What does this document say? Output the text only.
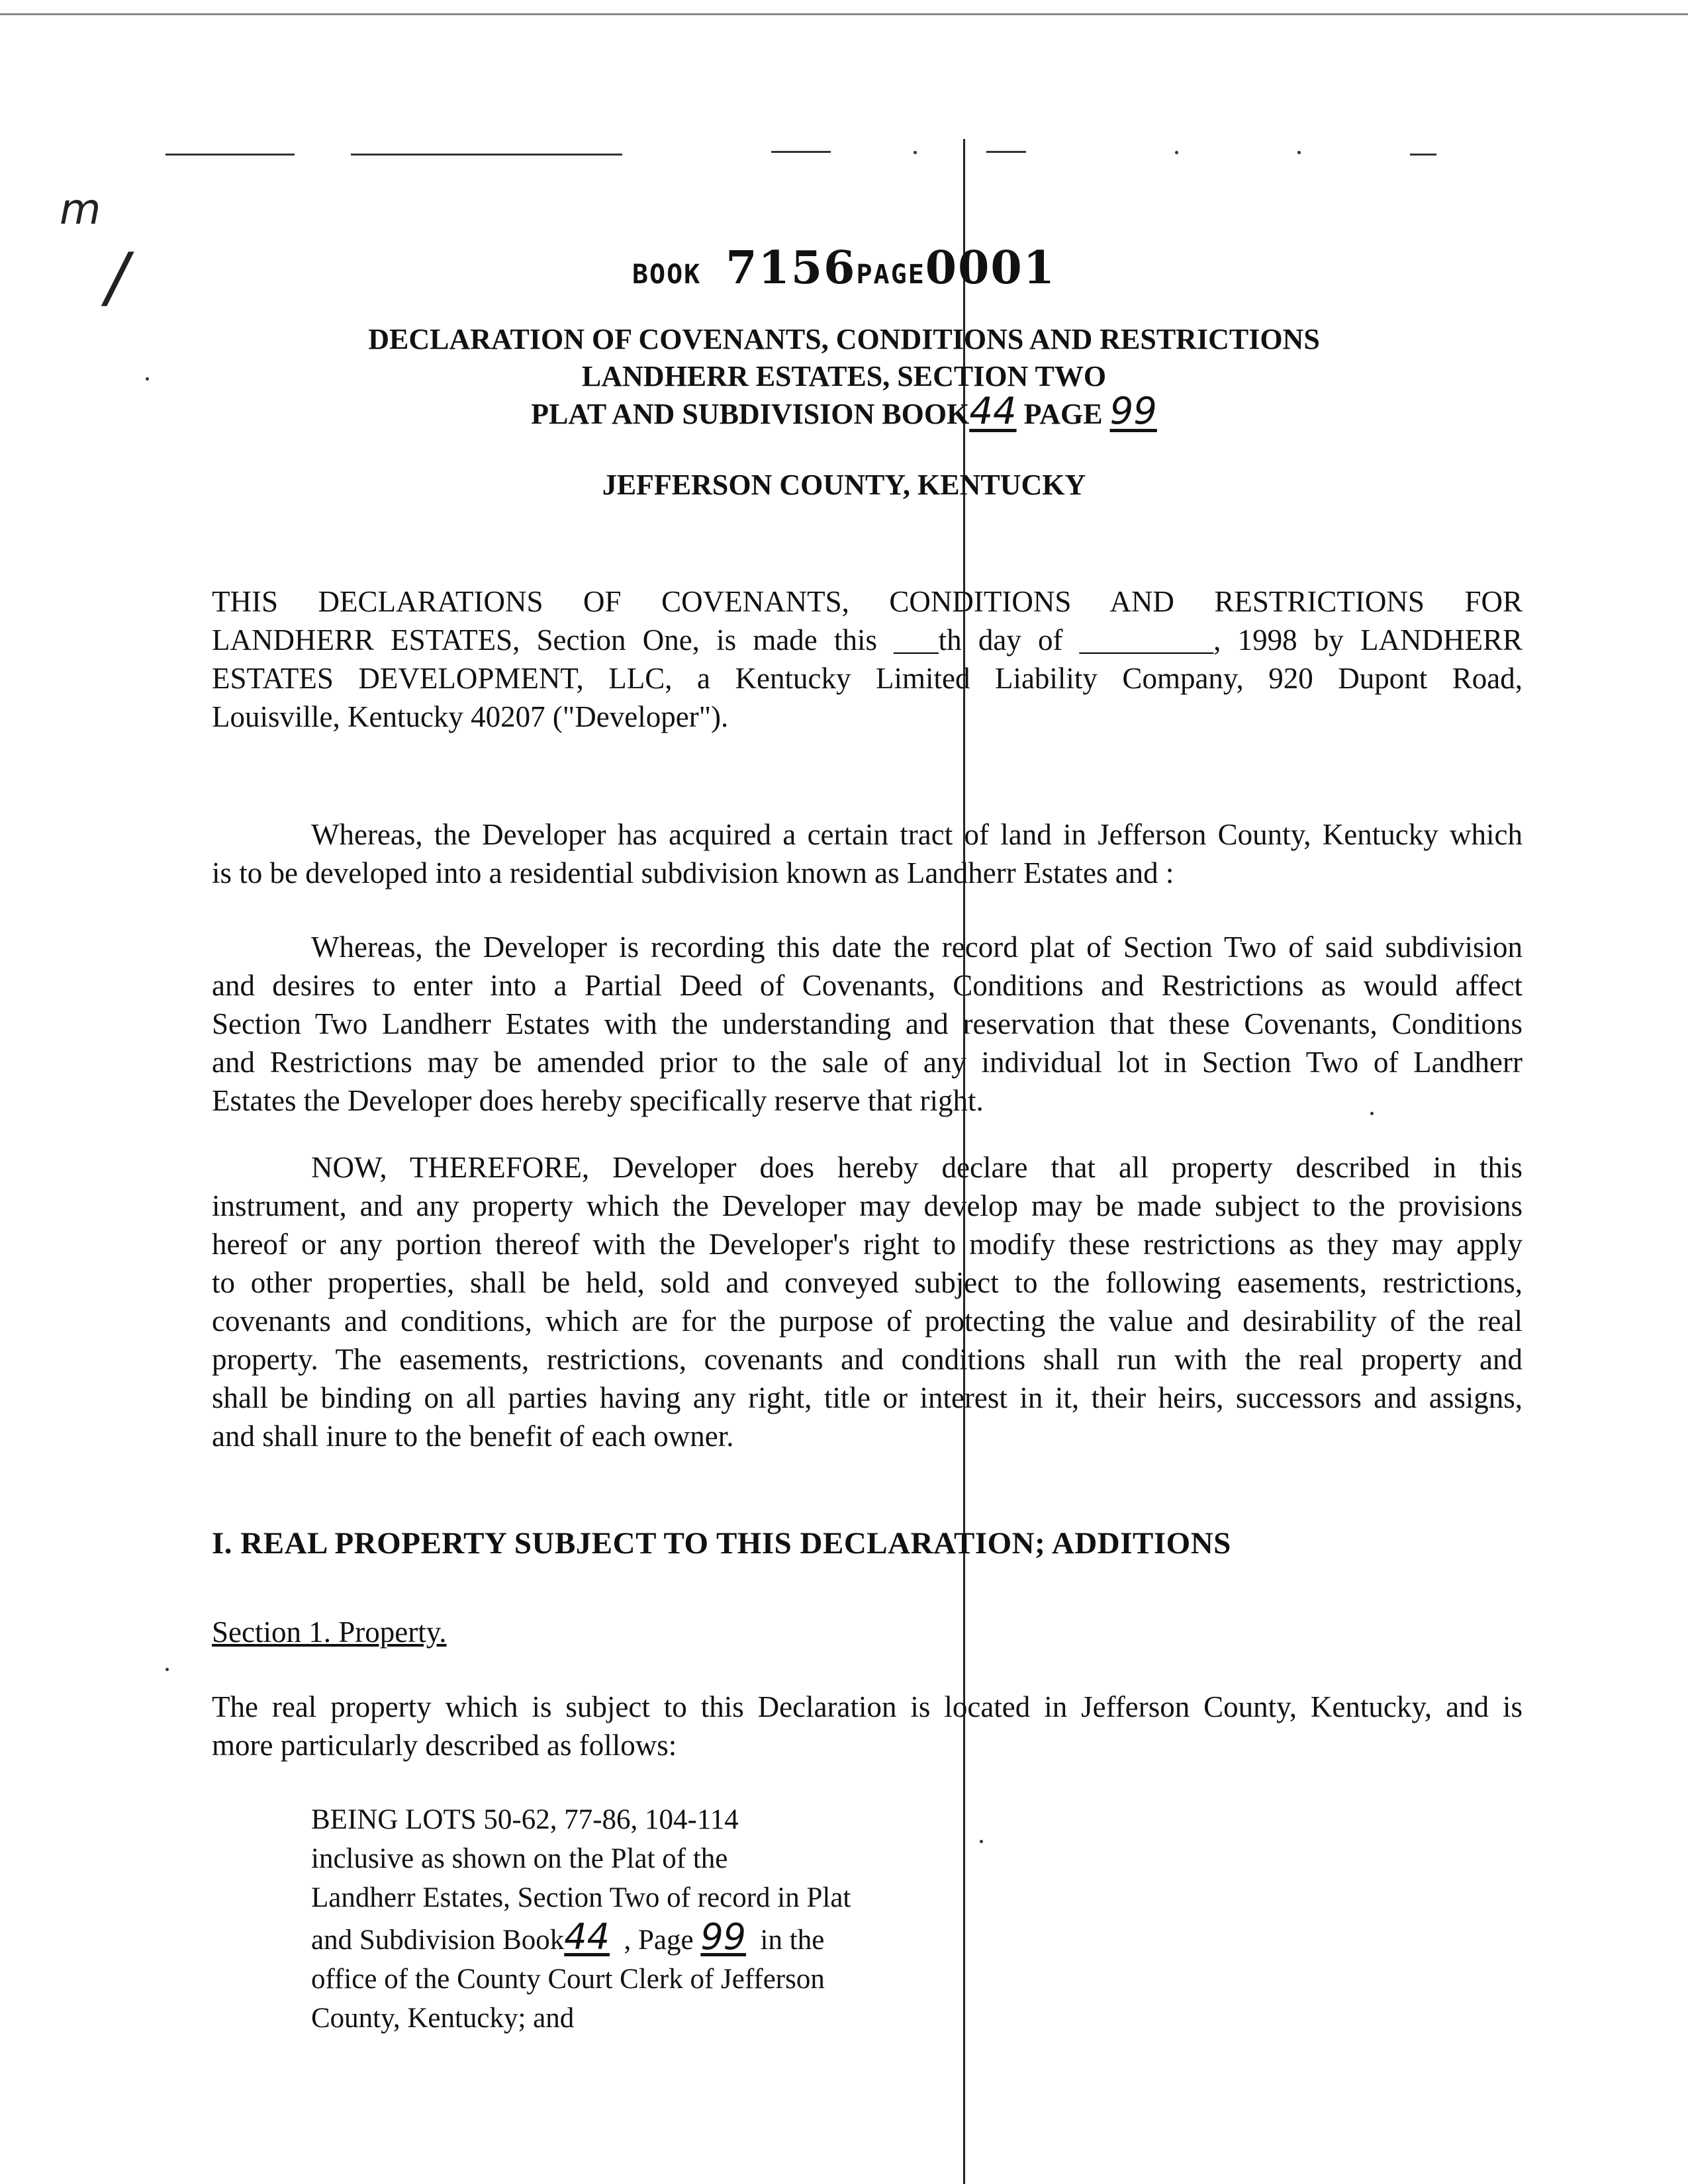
m
/	BOOK 7156PAGE0001
DECLARATION OF COVENANTS, CONDITIONS AND RESTRICTIONS
LANDHERR ESTATES, SECTION TWO
PLAT AND SUBDIVISION BOOK44 PAGE 99
JEFFERSON COUNTY, KENTUCKY
THIS DECLARATIONS OF COVENANTS, CONDITIONS AND RESTRICTIONS FOR
LANDHERR ESTATES, Section One, is made this ___th day of _________, 1998 by LANDHERR
ESTATES DEVELOPMENT, LLC, a Kentucky Limited Liability Company, 920 Dupont Road,
Louisville, Kentucky 40207 ("Developer").
Whereas, the Developer has acquired a certain tract of land in Jefferson County, Kentucky which
is to be developed into a residential subdivision known as Landherr Estates and :
Whereas, the Developer is recording this date the record plat of Section Two of said subdivision
and desires to enter into a Partial Deed of Covenants, Conditions and Restrictions as would affect
Section Two Landherr Estates with the understanding and reservation that these Covenants, Conditions
and Restrictions may be amended prior to the sale of any individual lot in Section Two of Landherr
Estates the Developer does hereby specifically reserve that right.
NOW, THEREFORE, Developer does hereby declare that all property described in this
instrument, and any property which the Developer may develop may be made subject to the provisions
hereof or any portion thereof with the Developer's right to modify these restrictions as they may apply
to other properties, shall be held, sold and conveyed subject to the following easements, restrictions,
covenants and conditions, which are for the purpose of protecting the value and desirability of the real
property. The easements, restrictions, covenants and conditions shall run with the real property and
shall be binding on all parties having any right, title or interest in it, their heirs, successors and assigns,
and shall inure to the benefit of each owner.
I. REAL PROPERTY SUBJECT TO THIS DECLARATION; ADDITIONS
Section 1. Property.
The real property which is subject to this Declaration is located in Jefferson County, Kentucky, and is
more particularly described as follows:
BEING LOTS 50-62, 77-86, 104-114
inclusive as shown on the Plat of the
Landherr Estates, Section Two of record in Plat
and Subdivision Book44 , Page 99 in the
office of the County Court Clerk of Jefferson
County, Kentucky; and
